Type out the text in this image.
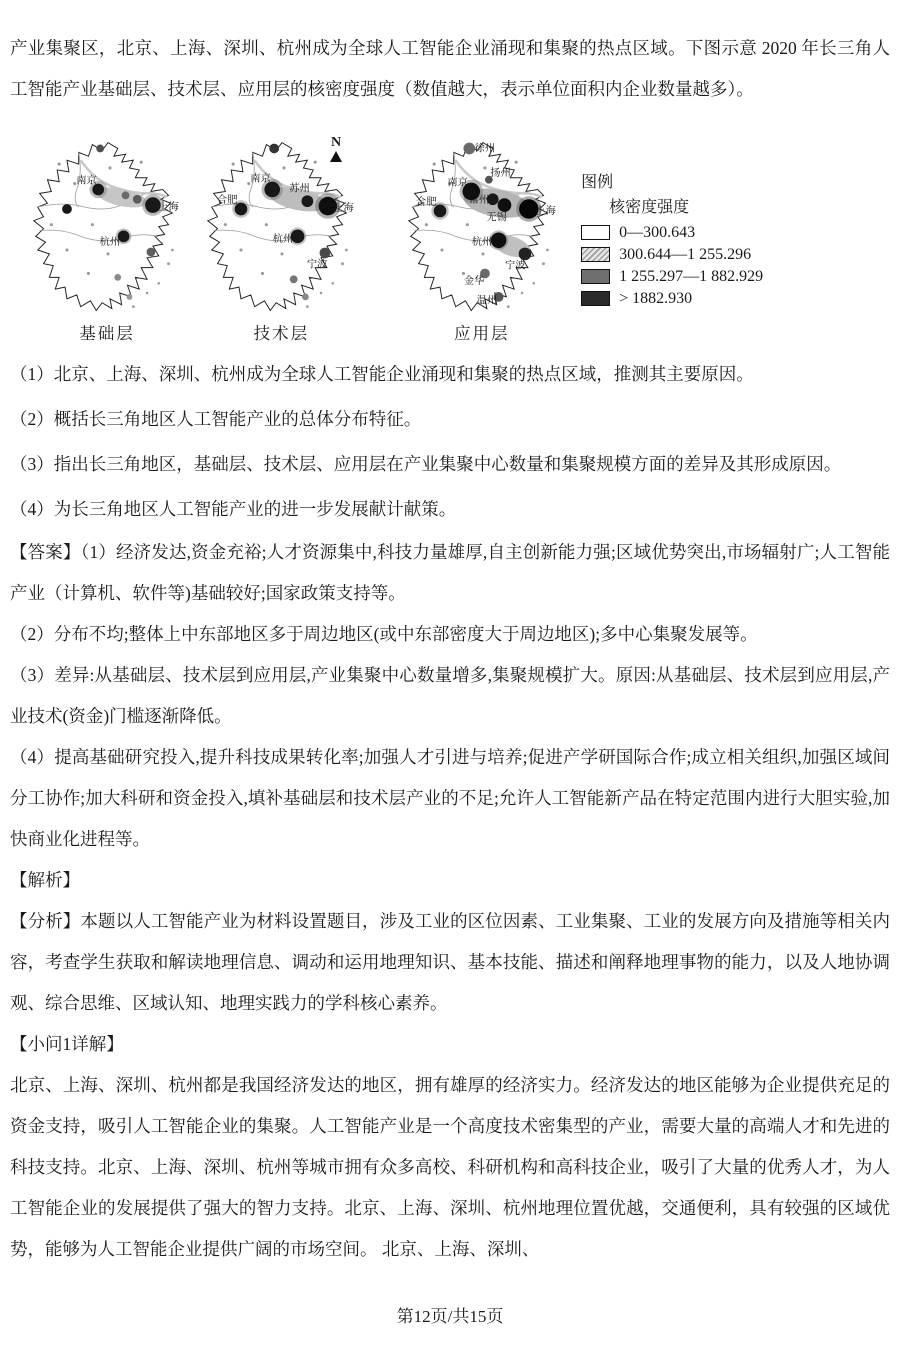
产业集聚区，北京、上海、深圳、杭州成为全球人工智能企业涌现和集聚的热点区域。下图示意 2020 年长三角人工智能产业基础层、技术层、应用层的核密度强度（数值越大，表示单位面积内企业数量越多）。

南京
上海
杭州
基础层

合肥
南京
苏州
上海
杭州
宁波
技术层

N	徐州
扬州
南京
合肥	常州
无锡
上海
杭州
宁波
金华
温州
应用层

图例
核密度强度
0—300.643
300.644—1 255.296
1 255.297—1 882.929
> 1882.930

（1）北京、上海、深圳、杭州成为全球人工智能企业涌现和集聚的热点区域，推测其主要原因。

（2）概括长三角地区人工智能产业的总体分布特征。

（3）指出长三角地区，基础层、技术层、应用层在产业集聚中心数量和集聚规模方面的差异及其形成原因。

（4）为长三角地区人工智能产业的进一步发展献计献策。

【答案】（1）经济发达,资金充裕;人才资源集中,科技力量雄厚,自主创新能力强;区域优势突出,市场辐射广;人工智能产业（计算机、软件等)基础较好;国家政策支持等。

（2）分布不均;整体上中东部地区多于周边地区(或中东部密度大于周边地区);多中心集聚发展等。

（3）差异:从基础层、技术层到应用层,产业集聚中心数量增多,集聚规模扩大。原因:从基础层、技术层到应用层,产业技术(资金)门槛逐渐降低。

（4）提高基础研究投入,提升科技成果转化率;加强人才引进与培养;促进产学研国际合作;成立相关组织,加强区域间分工协作;加大科研和资金投入,填补基础层和技术层产业的不足;允许人工智能新产品在特定范围内进行大胆实验,加快商业化进程等。

【解析】

【分析】本题以人工智能产业为材料设置题目，涉及工业的区位因素、工业集聚、工业的发展方向及措施等相关内容，考查学生获取和解读地理信息、调动和运用地理知识、基本技能、描述和阐释地理事物的能力，以及人地协调观、综合思维、区域认知、地理实践力的学科核心素养。

【小问1详解】

北京、上海、深圳、杭州都是我国经济发达的地区，拥有雄厚的经济实力。经济发达的地区能够为企业提供充足的资金支持，吸引人工智能企业的集聚。人工智能产业是一个高度技术密集型的产业，需要大量的高端人才和先进的科技支持。北京、上海、深圳、杭州等城市拥有众多高校、科研机构和高科技企业，吸引了大量的优秀人才，为人工智能企业的发展提供了强大的智力支持。北京、上海、深圳、杭州地理位置优越，交通便利，具有较强的区域优势，能够为人工智能企业提供广阔的市场空间。 北京、上海、深圳、

第12页/共15页
